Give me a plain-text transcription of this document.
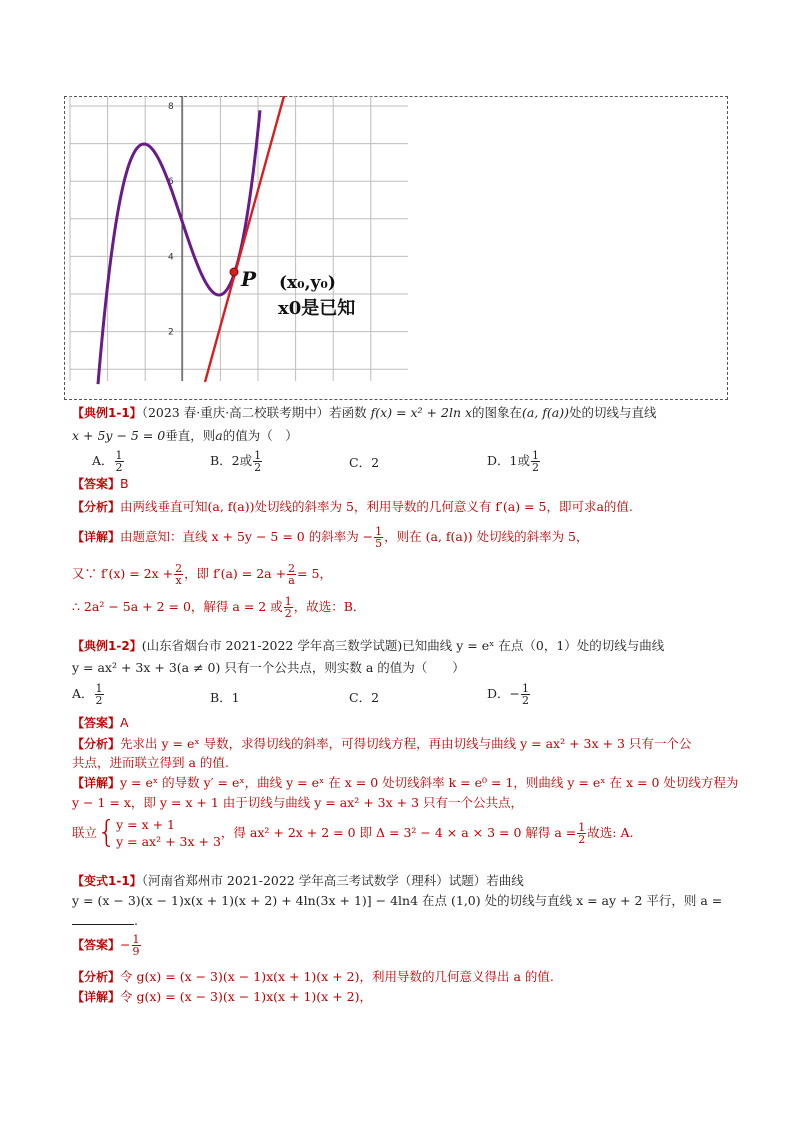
8
6
4
2
P (x₀,y₀)
x0是已知
【典例1-1】（2023 春·重庆·高二校联考期中）若函数 f(x) = x² + 2ln x的图象在(a, f(a))处的切线与直线
x + 5y − 5 = 0垂直，则a的值为（　）
A． $\frac{1}{2}$	B．2或 $\frac{1}{2}$	C．2	D．1或 $\frac{1}{2}$
【答案】B
【分析】由两线垂直可知(a, f(a))处切线的斜率为 5，利用导数的几何意义有 f′(a) = 5，即可求a的值.
【详解】由题意知：直线 x + 5y − 5 = 0 的斜率为 − $\frac{1}{5}$ ，则在 (a, f(a)) 处切线的斜率为 5，
又∵ $f'(x) = 2x + \frac{2}{x}$ ，即 $f'(a) = 2a + \frac{2}{a} = 5$，
∴ 2a² − 5a + 2 = 0，解得 a = 2 或 $\frac{1}{2}$ ，故选：B．
【典例1-2】(山东省烟台市 2021-2022 学年高三数学试题)已知曲线 y = eˣ 在点（0，1）处的切线与曲线
y = ax² + 3x + 3(a ≠ 0) 只有一个公共点，则实数 a 的值为（　　）
A． $\frac{1}{2}$	B．1	C．2	D．− $\frac{1}{2}$
【答案】A
【分析】先求出 y = eˣ 导数，求得切线的斜率，可得切线方程，再由切线与曲线 y = ax² + 3x + 3 只有一个公
共点，进而联立得到 a 的值.
【详解】y = eˣ 的导数 y′ = eˣ，曲线 y = eˣ 在 x = 0 处切线斜率 k = e⁰ = 1，则曲线 y = eˣ 在 x = 0 处切线方程为
y − 1 = x，即 y = x + 1 由于切线与曲线 y = ax² + 3x + 3 只有一个公共点，
联立{ y = x + 1
y = ax² + 3x + 3
，得 ax² + 2x + 2 = 0 即 Δ = 3² − 4 × a × 3 = 0 解得 $a = \frac{1}{2}$ 故选: A.
【变式1-1】（河南省郑州市 2021-2022 学年高三考试数学（理科）试题）若曲线
y = (x − 3)(x − 1)x(x + 1)(x + 2) + 4ln(3x + 1)] − 4ln4 在点 (1,0) 处的切线与直线 x = ay + 2 平行，则 a =
.
【答案】− $\frac{1}{9}$
【分析】令 g(x) = (x − 3)(x − 1)x(x + 1)(x + 2)，利用导数的几何意义得出 a 的值.
【详解】令 g(x) = (x − 3)(x − 1)x(x + 1)(x + 2)，
